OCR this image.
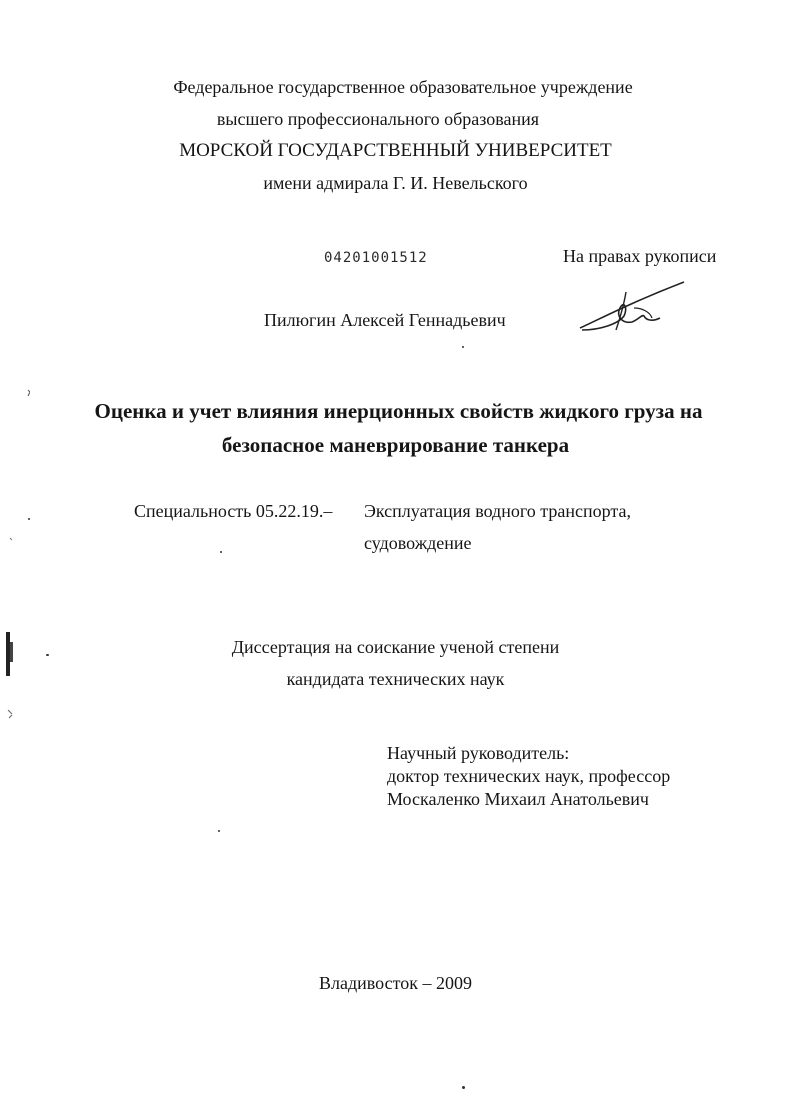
Федеральное государственное образовательное учреждение
высшего профессионального образования
МОРСКОЙ ГОСУДАРСТВЕННЫЙ УНИВЕРСИТЕТ
имени адмирала Г. И. Невельского
04201001512	На правах рукописи
Пилюгин Алексей Геннадьевич
Оценка и учет влияния инерционных свойств жидкого груза на
безопасное маневрирование танкера
Специальность 05.22.19.– Эксплуатация водного транспорта,
судовождение
Диссертация на соискание ученой степени
кандидата технических наук
Научный руководитель:
доктор технических наук, профессор
Москаленко Михаил Анатольевич
Владивосток – 2009
